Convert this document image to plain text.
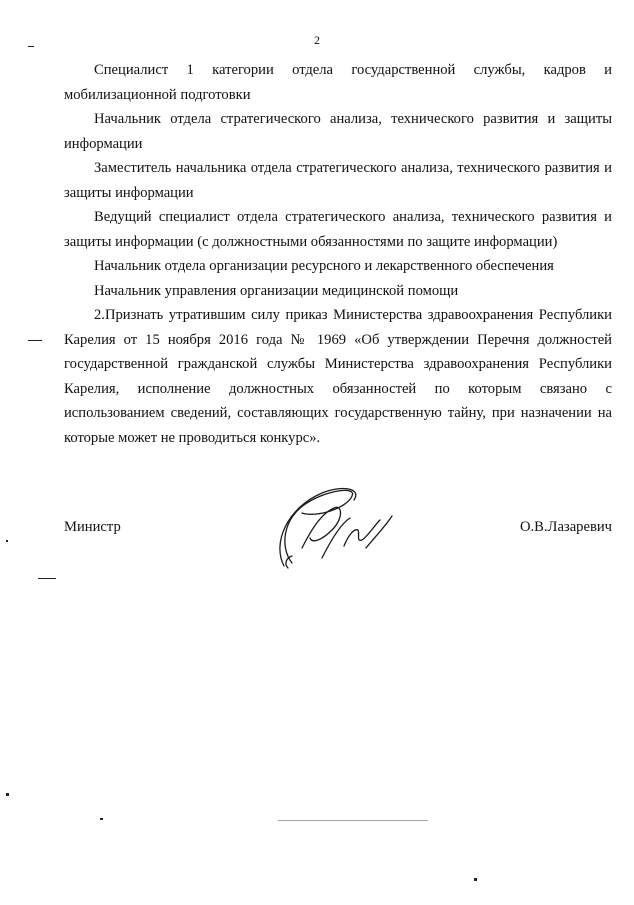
2

Специалист 1 категории отдела государственной службы, кадров и мобилизационной подготовки

Начальник отдела стратегического анализа, технического развития и защиты информации

Заместитель начальника отдела стратегического анализа, технического развития и защиты информации

Ведущий специалист отдела стратегического анализа, технического развития и защиты информации (с должностными обязанностями по защите информации)

Начальник отдела организации ресурсного и лекарственного обеспечения

Начальник управления организации медицинской помощи

2.Признать утратившим силу приказ Министерства здравоохранения Республики Карелия от 15 ноября 2016 года № 1969 «Об утверждении Перечня должностей государственной гражданской службы Министерства здравоохранения Республики Карелия, исполнение должностных обязанностей по которым связано с использованием сведений, составляющих государственную тайну, при назначении на которые может не проводиться конкурс».

Министр	О.В.Лазаревич
